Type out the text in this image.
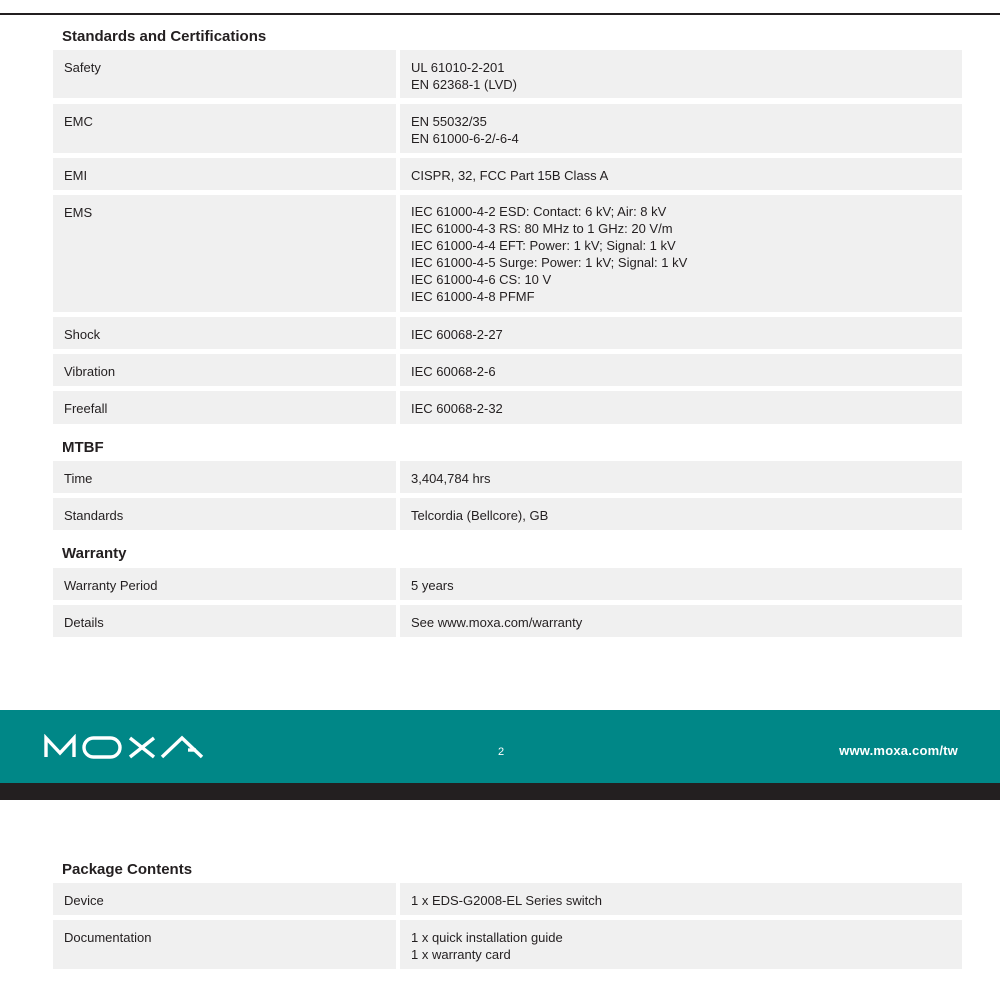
Standards and Certifications
Safety	UL 61010-2-201
EN 62368-1 (LVD)
EMC	EN 55032/35
EN 61000-6-2/-6-4
EMI	CISPR, 32, FCC Part 15B Class A
EMS	IEC 61000-4-2 ESD: Contact: 6 kV; Air: 8 kV
IEC 61000-4-3 RS: 80 MHz to 1 GHz: 20 V/m
IEC 61000-4-4 EFT: Power: 1 kV; Signal: 1 kV
IEC 61000-4-5 Surge: Power: 1 kV; Signal: 1 kV
IEC 61000-4-6 CS: 10 V
IEC 61000-4-8 PFMF
Shock	IEC 60068-2-27
Vibration	IEC 60068-2-6
Freefall	IEC 60068-2-32
MTBF
Time	3,404,784 hrs
Standards	Telcordia (Bellcore), GB
Warranty
Warranty Period	5 years
Details	See www.moxa.com/warranty
2	www.moxa.com/tw
Package Contents
Device	1 x EDS-G2008-EL Series switch
Documentation	1 x quick installation guide
1 x warranty card
